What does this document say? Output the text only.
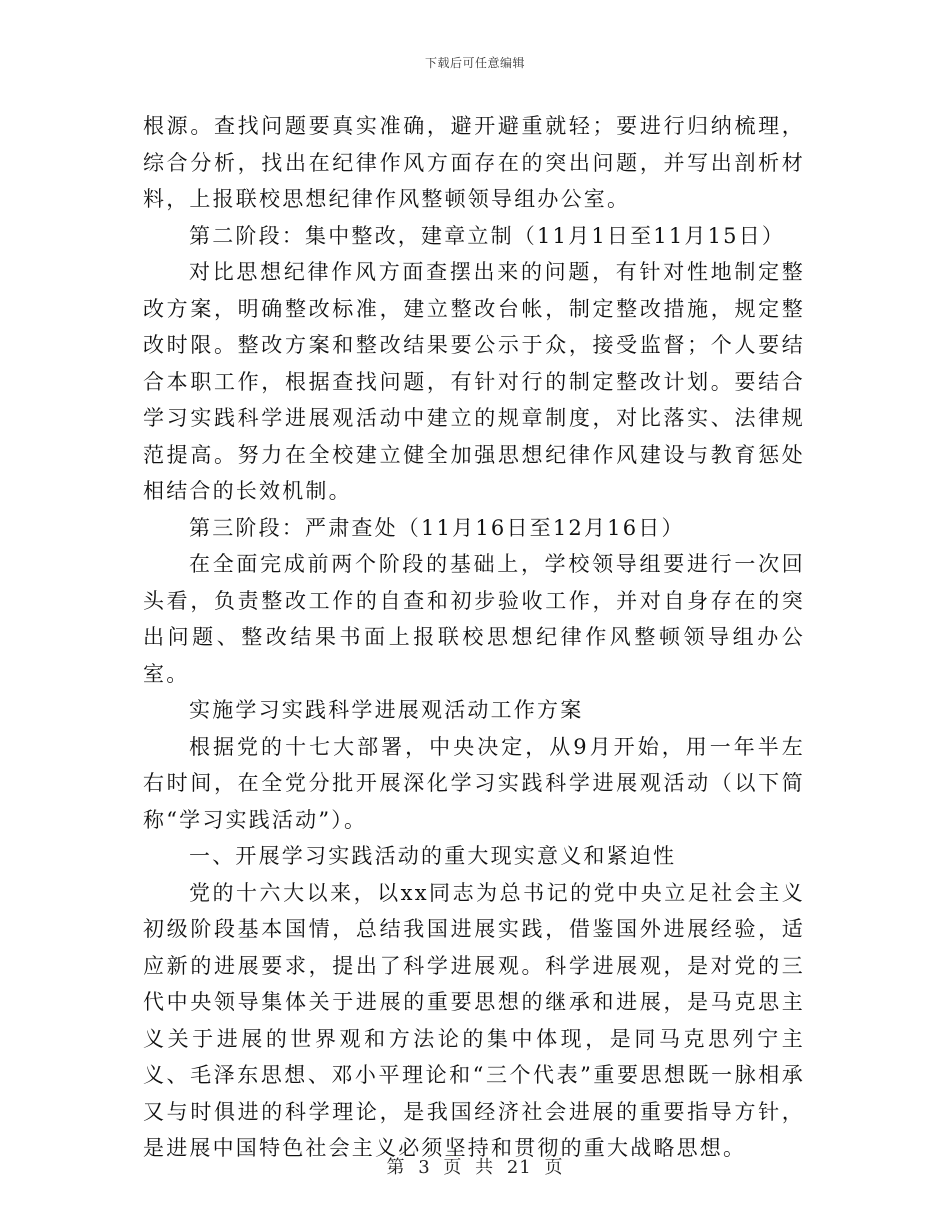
下载后可任意编辑

根源。查找问题要真实准确，避开避重就轻；要进行归纳梳理，综合分析，找出在纪律作风方面存在的突出问题，并写出剖析材料，上报联校思想纪律作风整顿领导组办公室。

第二阶段：集中整改，建章立制（11月1日至11月15日）

对比思想纪律作风方面查摆出来的问题，有针对性地制定整改方案，明确整改标准，建立整改台帐，制定整改措施，规定整改时限。整改方案和整改结果要公示于众，接受监督；个人要结合本职工作，根据查找问题，有针对行的制定整改计划。要结合学习实践科学进展观活动中建立的规章制度，对比落实、法律规范提高。努力在全校建立健全加强思想纪律作风建设与教育惩处相结合的长效机制。

第三阶段：严肃查处（11月16日至12月16日）

在全面完成前两个阶段的基础上，学校领导组要进行一次回头看，负责整改工作的自查和初步验收工作，并对自身存在的突出问题、整改结果书面上报联校思想纪律作风整顿领导组办公室。

实施学习实践科学进展观活动工作方案

根据党的十七大部署，中央决定，从9月开始，用一年半左右时间，在全党分批开展深化学习实践科学进展观活动（以下简称“学习实践活动”）。

一、开展学习实践活动的重大现实意义和紧迫性

党的十六大以来，以xx同志为总书记的党中央立足社会主义初级阶段基本国情，总结我国进展实践，借鉴国外进展经验，适应新的进展要求，提出了科学进展观。科学进展观，是对党的三代中央领导集体关于进展的重要思想的继承和进展，是马克思主义关于进展的世界观和方法论的集中体现，是同马克思列宁主义、毛泽东思想、邓小平理论和“三个代表”重要思想既一脉相承又与时俱进的科学理论，是我国经济社会进展的重要指导方针，是进展中国特色社会主义必须坚持和贯彻的重大战略思想。

第 3 页 共 21 页
